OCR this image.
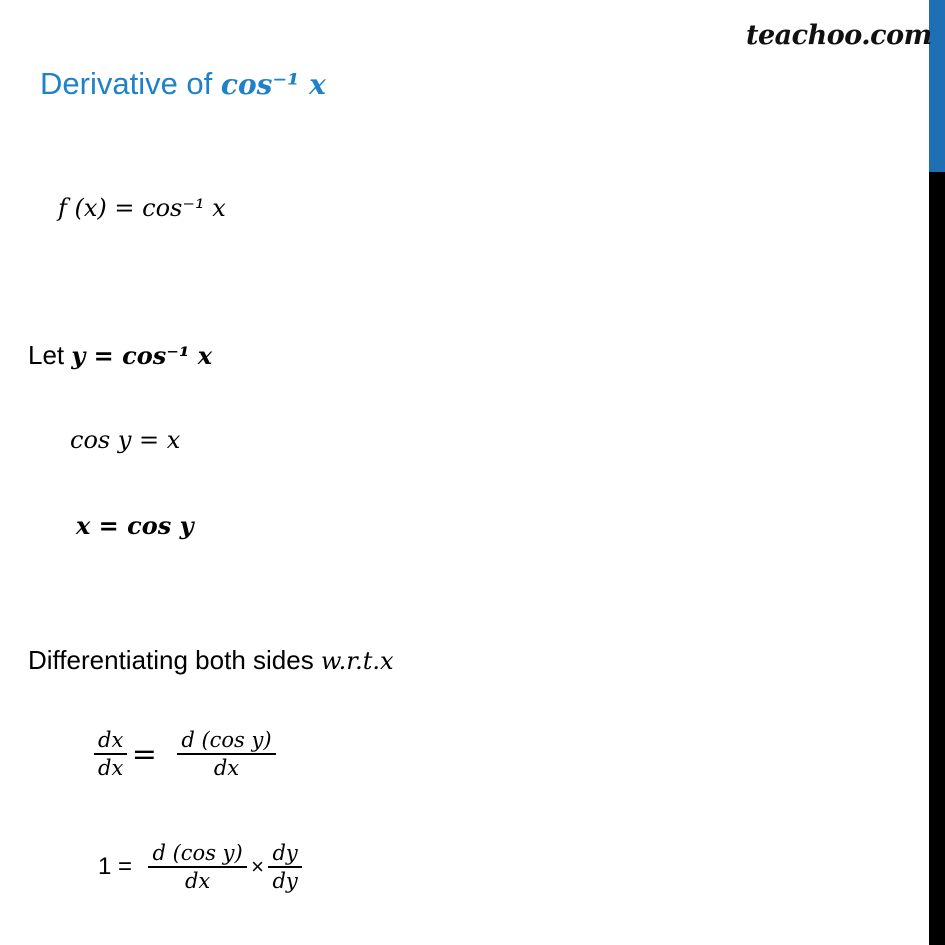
teachoo.com
Derivative of cos⁻¹ x
f (x) = cos⁻¹ x
Let y = cos⁻¹ x
cos y = x
x = cos y
Differentiating both sides w.r.t.x
$\frac{dx}{dx} = \frac{\text{d (cos y)}}{dx}$
$1 = \frac{\text{d (cos y)}}{dx} \times \frac{dy}{dy}$
